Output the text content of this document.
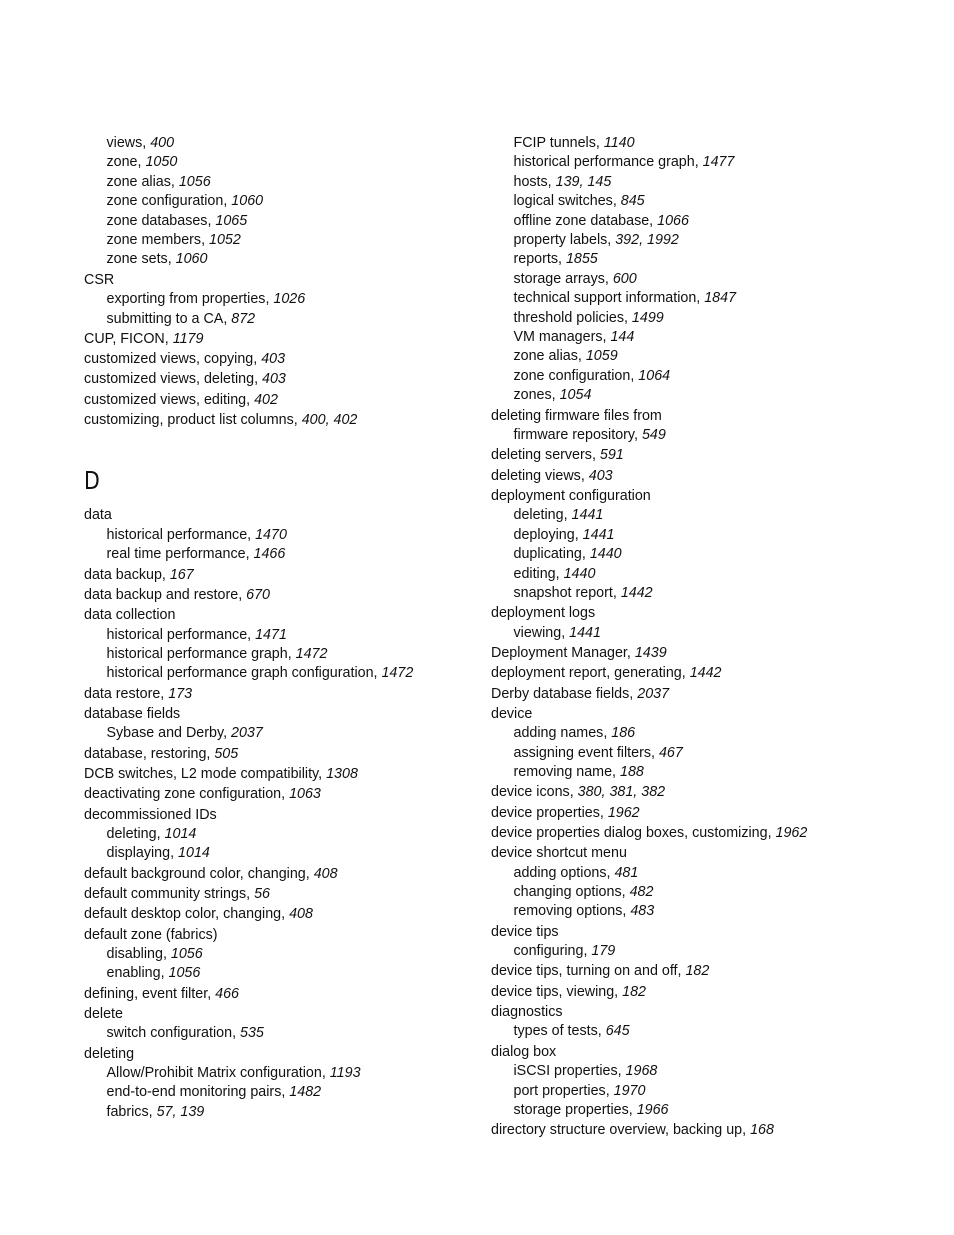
views, 400
zone, 1050
zone alias, 1056
zone configuration, 1060
zone databases, 1065
zone members, 1052
zone sets, 1060
CSR
exporting from properties, 1026
submitting to a CA, 872
CUP, FICON, 1179
customized views, copying, 403
customized views, deleting, 403
customized views, editing, 402
customizing, product list columns, 400, 402
D
data
historical performance, 1470
real time performance, 1466
data backup, 167
data backup and restore, 670
data collection
historical performance, 1471
historical performance graph, 1472
historical performance graph configuration, 1472
data restore, 173
database fields
Sybase and Derby, 2037
database, restoring, 505
DCB switches, L2 mode compatibility, 1308
deactivating zone configuration, 1063
decommissioned IDs
deleting, 1014
displaying, 1014
default background color, changing, 408
default community strings, 56
default desktop color, changing, 408
default zone (fabrics)
disabling, 1056
enabling, 1056
defining, event filter, 466
delete
switch configuration, 535
deleting
Allow/Prohibit Matrix configuration, 1193
end-to-end monitoring pairs, 1482
fabrics, 57, 139
FCIP tunnels, 1140
historical performance graph, 1477
hosts, 139, 145
logical switches, 845
offline zone database, 1066
property labels, 392, 1992
reports, 1855
storage arrays, 600
technical support information, 1847
threshold policies, 1499
VM managers, 144
zone alias, 1059
zone configuration, 1064
zones, 1054
deleting firmware files from
firmware repository, 549
deleting servers, 591
deleting views, 403
deployment configuration
deleting, 1441
deploying, 1441
duplicating, 1440
editing, 1440
snapshot report, 1442
deployment logs
viewing, 1441
Deployment Manager, 1439
deployment report, generating, 1442
Derby database fields, 2037
device
adding names, 186
assigning event filters, 467
removing name, 188
device icons, 380, 381, 382
device properties, 1962
device properties dialog boxes, customizing, 1962
device shortcut menu
adding options, 481
changing options, 482
removing options, 483
device tips
configuring, 179
device tips, turning on and off, 182
device tips, viewing, 182
diagnostics
types of tests, 645
dialog box
iSCSI properties, 1968
port properties, 1970
storage properties, 1966
directory structure overview, backing up, 168
